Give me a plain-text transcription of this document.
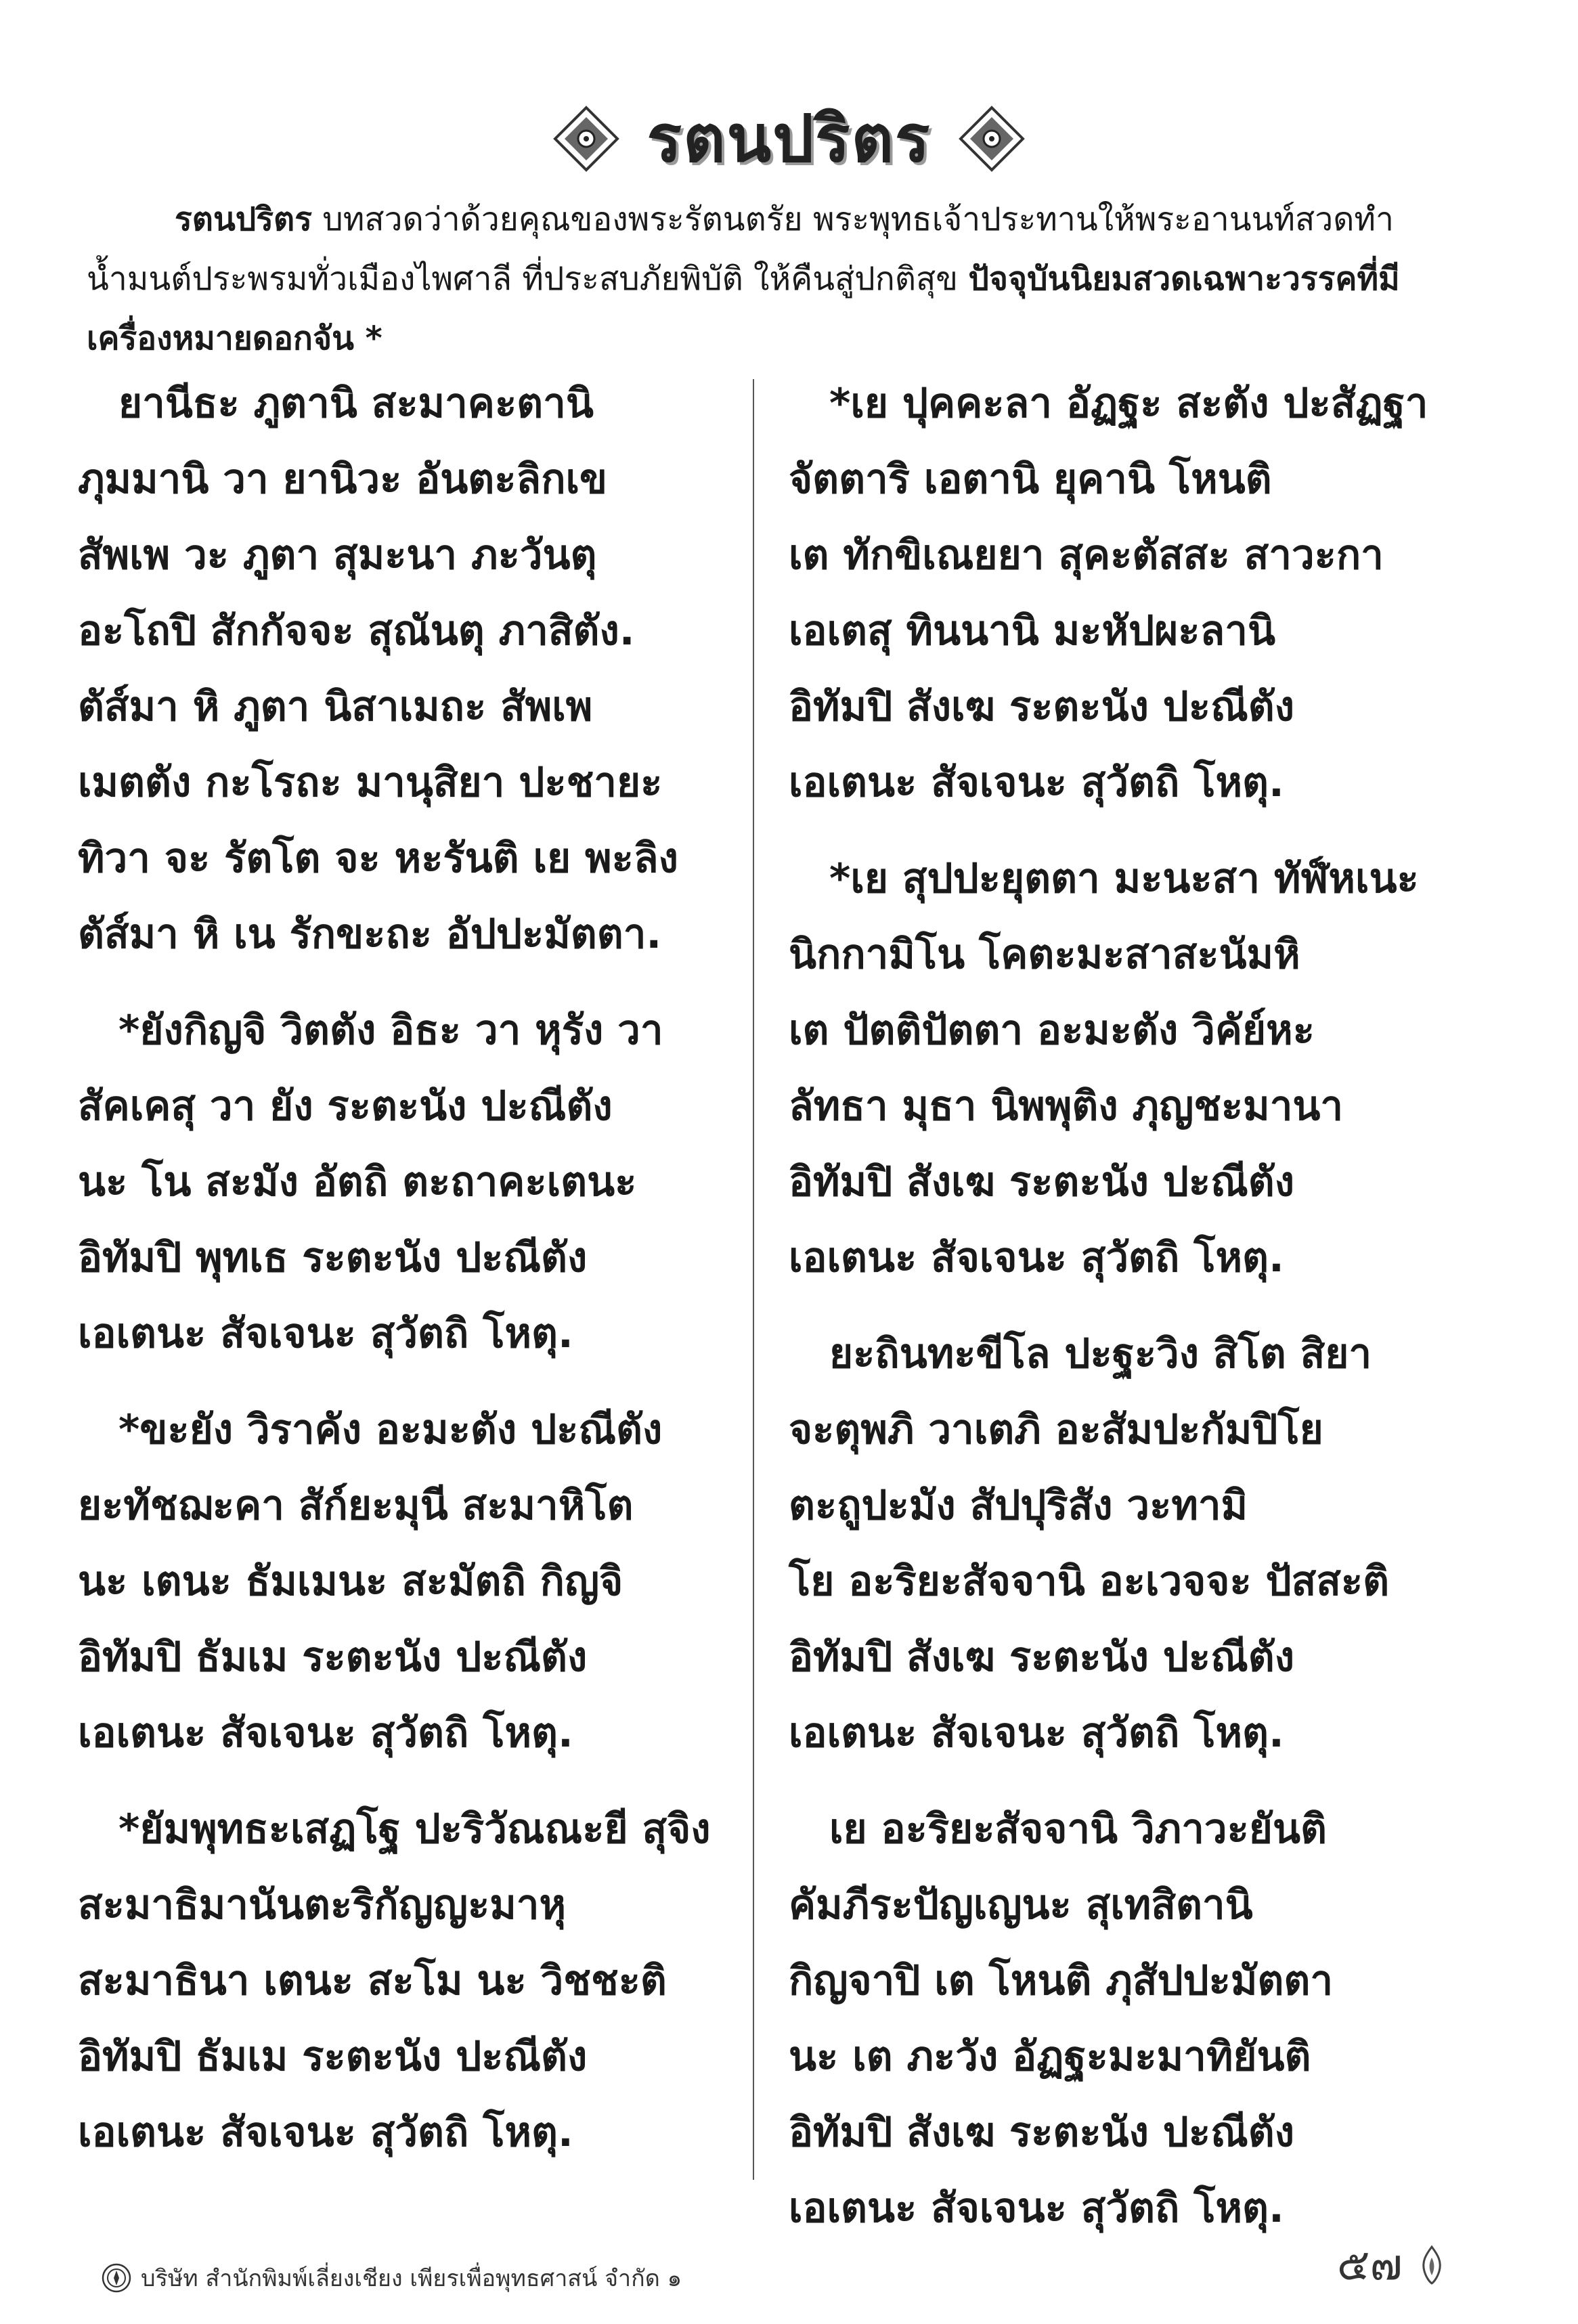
รตนปริตร
รตนปริตร บทสวดว่าด้วยคุณของพระรัตนตรัย พระพุทธเจ้าประทานให้พระอานนท์สวดทำน้ำมนต์ประพรมทั่วเมืองไพศาลี ที่ประสบภัยพิบัติ ให้คืนสู่ปกติสุข ปัจจุบันนิยมสวดเฉพาะวรรคที่มีเครื่องหมายดอกจัน *
ยานีธะ ภูตานิ สะมาคะตานิ
ภุมมานิ วา ยานิวะ อันตะลิกเข
สัพเพ วะ ภูตา สุมะนา ภะวันตุ
อะโถปิ สักกัจจะ สุณันตุ ภาสิตัง.
ตัส์มา หิ ภูตา นิสาเมถะ สัพเพ
เมตตัง กะโรถะ มานุสิยา ปะชายะ
ทิวา จะ รัตโต จะ หะรันติ เย พะลิง
ตัส์มา หิ เน รักขะถะ อัปปะมัตตา.
*ยังกิญจิ วิตตัง อิธะ วา หุรัง วา
สัคเคสุ วา ยัง ระตะนัง ปะณีตัง
นะ โน สะมัง อัตถิ ตะถาคะเตนะ
อิทัมปิ พุทเธ ระตะนัง ปะณีตัง
เอเตนะ สัจเจนะ สุวัตถิ โหตุ.
*ขะยัง วิราคัง อะมะตัง ปะณีตัง
ยะทัชฌะคา สัก์ยะมุนี สะมาหิโต
นะ เตนะ ธัมเมนะ สะมัตถิ กิญจิ
อิทัมปิ ธัมเม ระตะนัง ปะณีตัง
เอเตนะ สัจเจนะ สุวัตถิ โหตุ.
*ยัมพุทธะเสฏโฐ ปะริวัณณะยี สุจิง
สะมาธิมานันตะริกัญญะมาหุ
สะมาธินา เตนะ สะโม นะ วิชชะติ
อิทัมปิ ธัมเม ระตะนัง ปะณีตัง
เอเตนะ สัจเจนะ สุวัตถิ โหตุ.
*เย ปุคคะลา อัฏฐะ สะตัง ปะสัฏฐา
จัตตาริ เอตานิ ยุคานิ โหนติ
เต ทักขิเณยยา สุคะตัสสะ สาวะกา
เอเตสุ ทินนานิ มะหัปผะลานิ
อิทัมปิ สังเฆ ระตะนัง ปะณีตัง
เอเตนะ สัจเจนะ สุวัตถิ โหตุ.
*เย สุปปะยุตตา มะนะสา ทัฬ์หเนะ
นิกกามิโน โคตะมะสาสะนัมหิ
เต ปัตติปัตตา อะมะตัง วิคัย์หะ
ลัทธา มุธา นิพพุติง ภุญชะมานา
อิทัมปิ สังเฆ ระตะนัง ปะณีตัง
เอเตนะ สัจเจนะ สุวัตถิ โหตุ.
ยะถินทะขีโล ปะฐะวิง สิโต สิยา
จะตุพภิ วาเตภิ อะสัมปะกัมปิโย
ตะถูปะมัง สัปปุริสัง วะทามิ
โย อะริยะสัจจานิ อะเวจจะ ปัสสะติ
อิทัมปิ สังเฆ ระตะนัง ปะณีตัง
เอเตนะ สัจเจนะ สุวัตถิ โหตุ.
เย อะริยะสัจจานิ วิภาวะยันติ
คัมภีระปัญเญนะ สุเทสิตานิ
กิญจาปิ เต โหนติ ภุสัปปะมัตตา
นะ เต ภะวัง อัฏฐะมะมาทิยันติ
อิทัมปิ สังเฆ ระตะนัง ปะณีตัง
เอเตนะ สัจเจนะ สุวัตถิ โหตุ.
บริษัท สำนักพิมพ์เลี่ยงเชียง เพียรเพื่อพุทธศาสน์ จำกัด ๑	๕๗
